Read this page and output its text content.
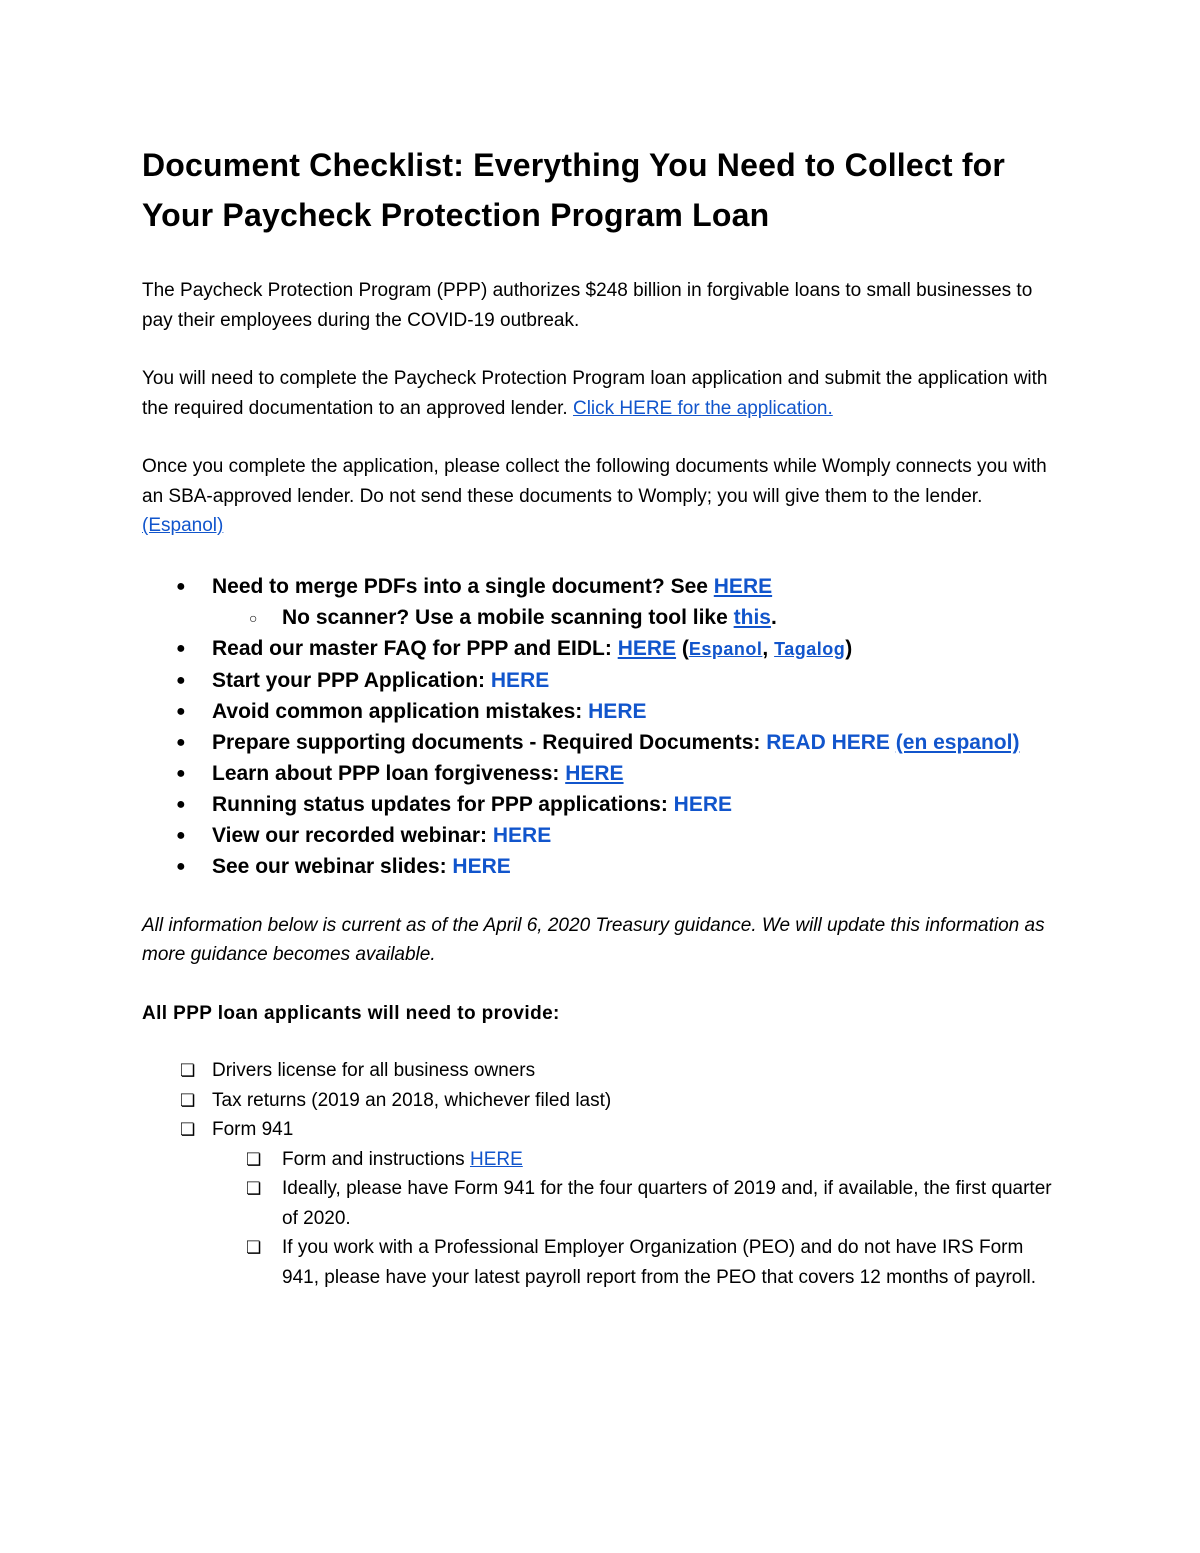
Document Checklist: Everything You Need to Collect for Your Paycheck Protection Program Loan

The Paycheck Protection Program (PPP) authorizes $248 billion in forgivable loans to small businesses to pay their employees during the COVID-19 outbreak.

You will need to complete the Paycheck Protection Program loan application and submit the application with the required documentation to an approved lender. Click HERE for the application.

Once you complete the application, please collect the following documents while Womply connects you with an SBA-approved lender. Do not send these documents to Womply; you will give them to the lender. (Espanol)

● Need to merge PDFs into a single document? See HERE
○ No scanner? Use a mobile scanning tool like this.
● Read our master FAQ for PPP and EIDL: HERE (Espanol, Tagalog)
● Start your PPP Application: HERE
● Avoid common application mistakes: HERE
● Prepare supporting documents - Required Documents: READ HERE (en espanol)
● Learn about PPP loan forgiveness: HERE
● Running status updates for PPP applications: HERE
● View our recorded webinar: HERE
● See our webinar slides: HERE

All information below is current as of the April 6, 2020 Treasury guidance. We will update this information as more guidance becomes available.

All PPP loan applicants will need to provide:

❏ Drivers license for all business owners
❏ Tax returns (2019 an 2018, whichever filed last)
❏ Form 941
❏ Form and instructions HERE
❏ Ideally, please have Form 941 for the four quarters of 2019 and, if available, the first quarter of 2020.
❏ If you work with a Professional Employer Organization (PEO) and do not have IRS Form 941, please have your latest payroll report from the PEO that covers 12 months of payroll.
